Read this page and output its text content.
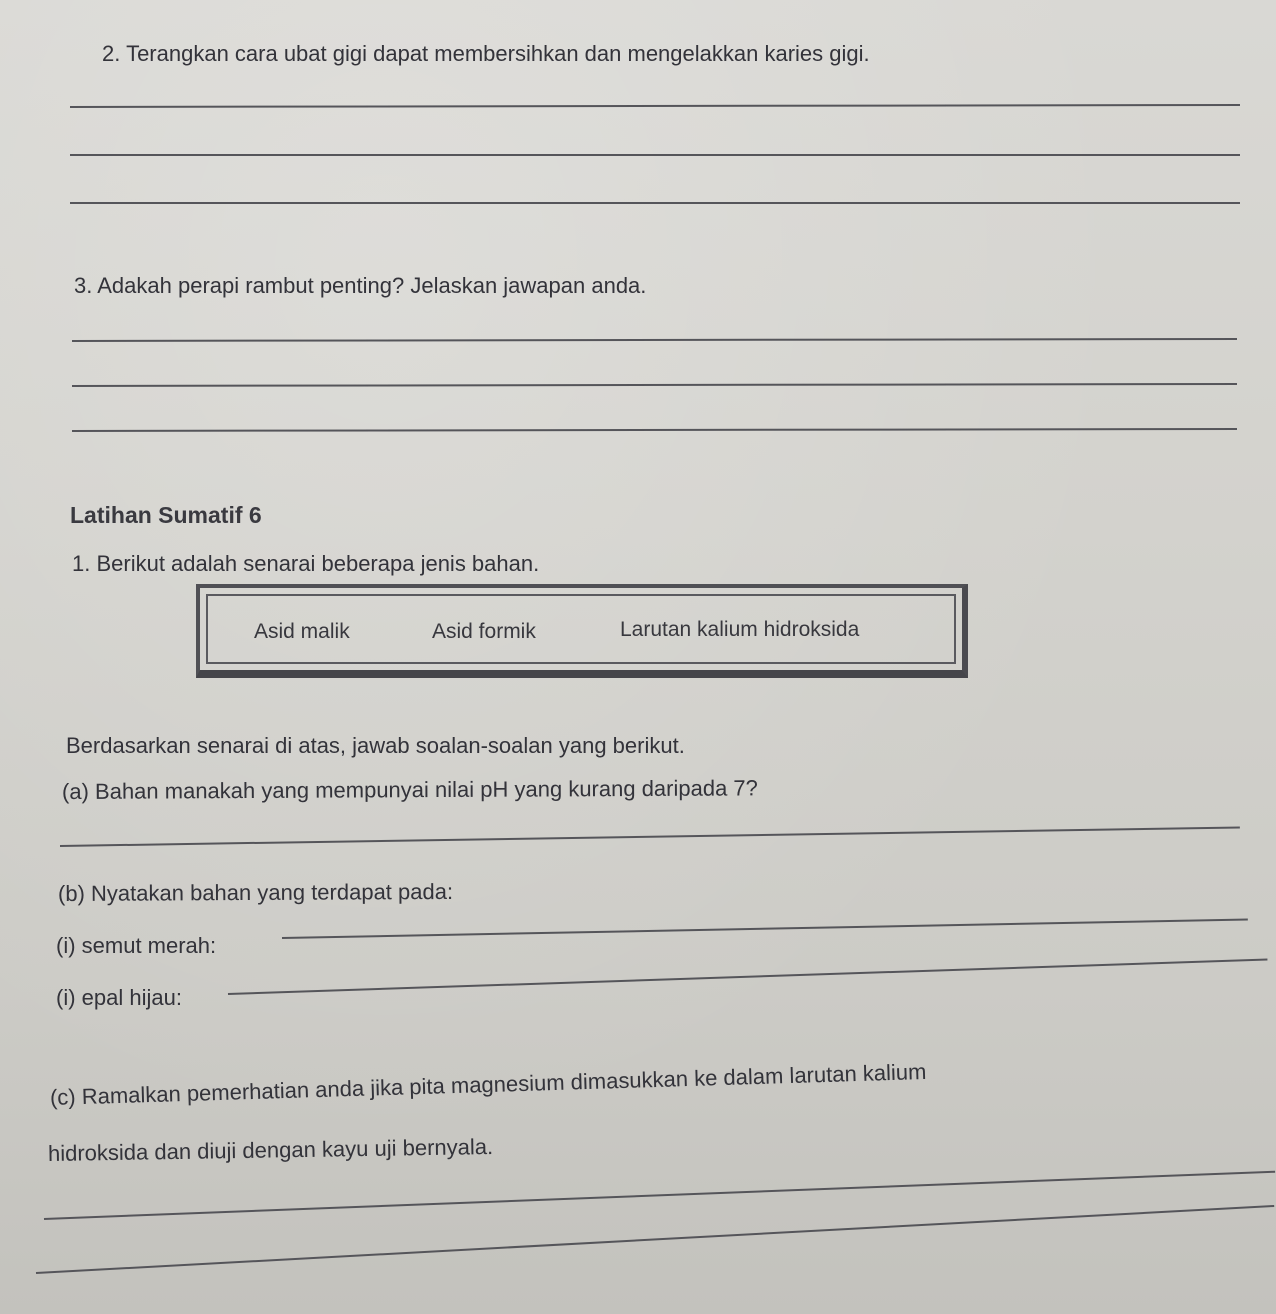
2. Terangkan cara ubat gigi dapat membersihkan dan mengelakkan karies gigi.
3. Adakah perapi rambut penting? Jelaskan jawapan anda.
Latihan Sumatif 6
1. Berikut adalah senarai beberapa jenis bahan.
Asid malik	Asid formik	Larutan kalium hidroksida
Berdasarkan senarai di atas, jawab soalan-soalan yang berikut.
(a) Bahan manakah yang mempunyai nilai pH yang kurang daripada 7?
(b) Nyatakan bahan yang terdapat pada:
(i) semut merah:
(i) epal hijau:
(c) Ramalkan pemerhatian anda jika pita magnesium dimasukkan ke dalam larutan kalium
hidroksida dan diuji dengan kayu uji bernyala.
